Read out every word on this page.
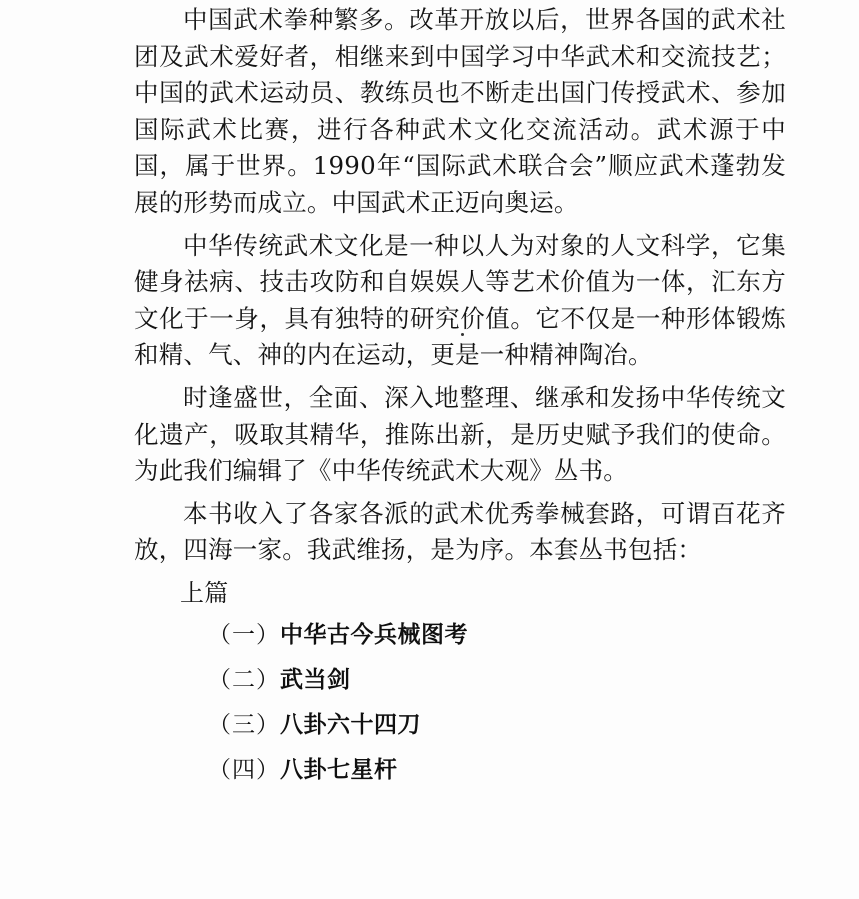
中国武术拳种繁多。改革开放以后，世界各国的武术社团及武术爱好者，相继来到中国学习中华武术和交流技艺；中国的武术运动员、教练员也不断走出国门传授武术、参加国际武术比赛，进行各种武术文化交流活动。武术源于中国，属于世界。1990年“国际武术联合会”顺应武术蓬勃发展的形势而成立。中国武术正迈向奥运。

中华传统武术文化是一种以人为对象的人文科学，它集健身祛病、技击攻防和自娱娱人等艺术价值为一体，汇东方文化于一身，具有独特的研究价值。它不仅是一种形体锻炼和精、气、神的内在运动，更是一种精神陶冶。

时逢盛世，全面、深入地整理、继承和发扬中华传统文化遗产，吸取其精华，推陈出新，是历史赋予我们的使命。为此我们编辑了《中华传统武术大观》丛书。

本书收入了各家各派的武术优秀拳械套路，可谓百花齐放，四海一家。我武维扬，是为序。本套丛书包括：

上篇
（一）中华古今兵械图考
（二）武当剑
（三）八卦六十四刀
（四）八卦七星杆
